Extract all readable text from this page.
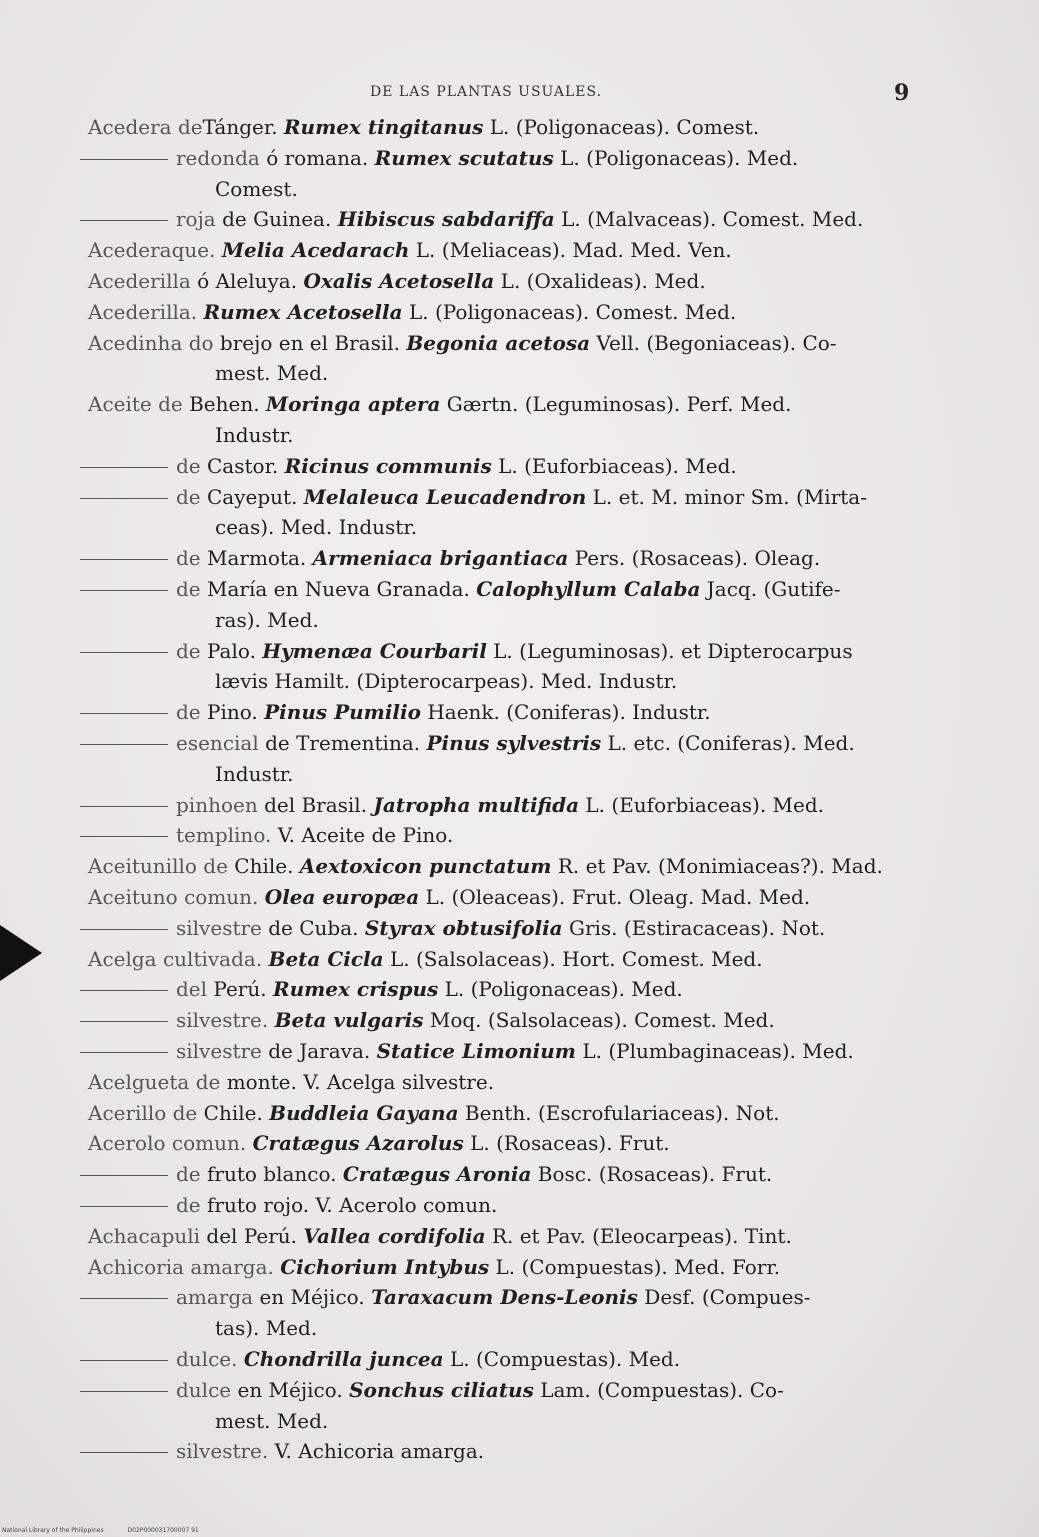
DE LAS PLANTAS USUALES.	9
Acedera deTánger. Rumex tingitanus L. (Poligonaceas). Comest.
redonda ó romana. Rumex scutatus L. (Poligonaceas). Med.
Comest.
roja de Guinea. Hibiscus sabdariffa L. (Malvaceas). Comest. Med.
Acederaque. Melia Acedarach L. (Meliaceas). Mad. Med. Ven.
Acederilla ó Aleluya. Oxalis Acetosella L. (Oxalideas). Med.
Acederilla. Rumex Acetosella L. (Poligonaceas). Comest. Med.
Acedinha do brejo en el Brasil. Begonia acetosa Vell. (Begoniaceas). Co-
mest. Med.
Aceite de Behen. Moringa aptera Gærtn. (Leguminosas). Perf. Med.
Industr.
de Castor. Ricinus communis L. (Euforbiaceas). Med.
de Cayeput. Melaleuca Leucadendron L. et. M. minor Sm. (Mirta-
ceas). Med. Industr.
de Marmota. Armeniaca brigantiaca Pers. (Rosaceas). Oleag.
de María en Nueva Granada. Calophyllum Calaba Jacq. (Gutife-
ras). Med.
de Palo. Hymenæa Courbaril L. (Leguminosas). et Dipterocarpus
lævis Hamilt. (Dipterocarpeas). Med. Industr.
de Pino. Pinus Pumilio Haenk. (Coniferas). Industr.
esencial de Trementina. Pinus sylvestris L. etc. (Coniferas). Med.
Industr.
pinhoen del Brasil. Jatropha multifida L. (Euforbiaceas). Med.
templino. V. Aceite de Pino.
Aceitunillo de Chile. Aextoxicon punctatum R. et Pav. (Monimiaceas?). Mad.
Aceituno comun. Olea europæa L. (Oleaceas). Frut. Oleag. Mad. Med.
silvestre de Cuba. Styrax obtusifolia Gris. (Estiracaceas). Not.
Acelga cultivada. Beta Cicla L. (Salsolaceas). Hort. Comest. Med.
del Perú. Rumex crispus L. (Poligonaceas). Med.
silvestre. Beta vulgaris Moq. (Salsolaceas). Comest. Med.
silvestre de Jarava. Statice Limonium L. (Plumbaginaceas). Med.
Acelgueta de monte. V. Acelga silvestre.
Acerillo de Chile. Buddleia Gayana Benth. (Escrofulariaceas). Not.
Acerolo comun. Cratægus Azarolus L. (Rosaceas). Frut.
de fruto blanco. Cratægus Aronia Bosc. (Rosaceas). Frut.
de fruto rojo. V. Acerolo comun.
Achacapuli del Perú. Vallea cordifolia R. et Pav. (Eleocarpeas). Tint.
Achicoria amarga. Cichorium Intybus L. (Compuestas). Med. Forr.
amarga en Méjico. Taraxacum Dens-Leonis Desf. (Compues-
tas). Med.
dulce. Chondrilla juncea L. (Compuestas). Med.
dulce en Méjico. Sonchus ciliatus Lam. (Compuestas). Co-
mest. Med.
silvestre. V. Achicoria amarga.
National Library of the Philippines	D02P000031700007 91
